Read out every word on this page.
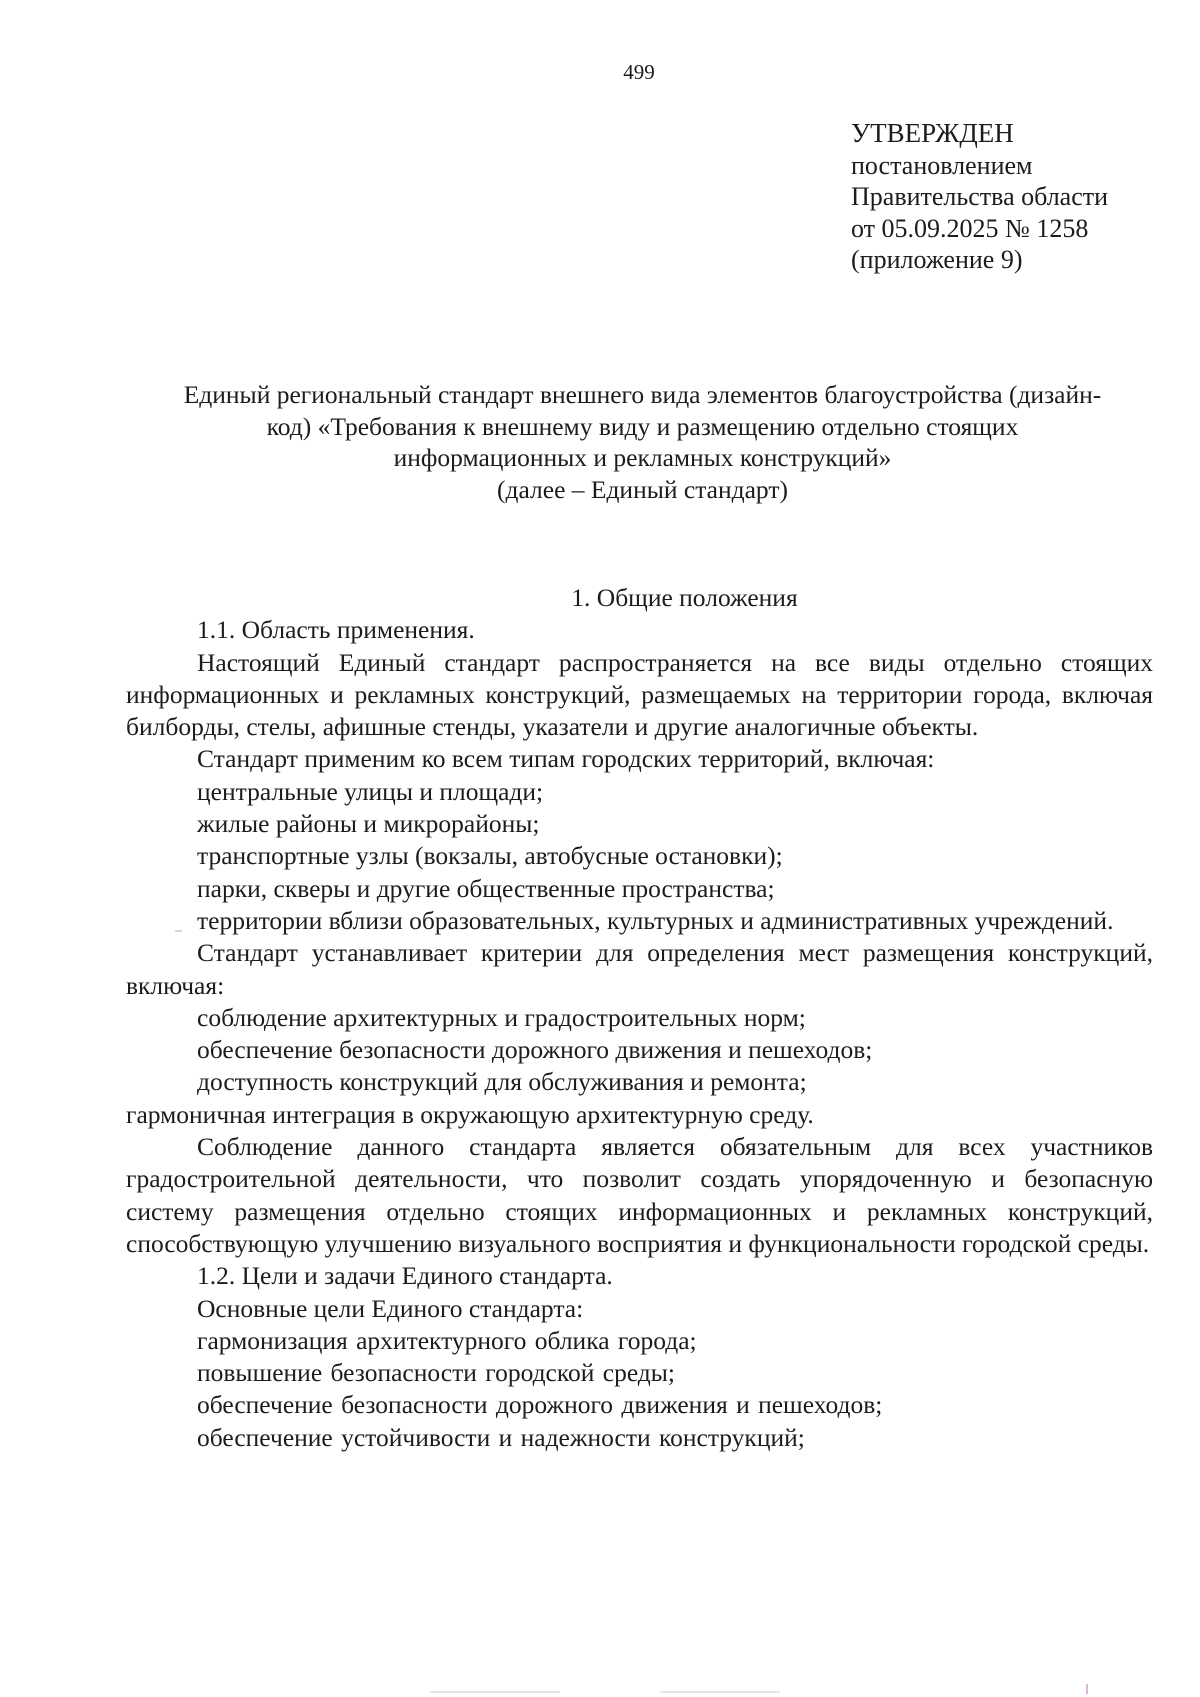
499
УТВЕРЖДЕН
постановлением
Правительства области
от 05.09.2025 № 1258
(приложение 9)
Единый региональный стандарт внешнего вида элементов благоустройства (дизайн-
код) «Требования к внешнему виду и размещению отдельно стоящих
информационных и рекламных конструкций»
(далее – Единый стандарт)
1. Общие положения
1.1. Область применения.
Настоящий Единый стандарт распространяется на все виды отдельно стоящих информационных и рекламных конструкций, размещаемых на территории города, включая билборды, стелы, афишные стенды, указатели и другие аналогичные объекты.
Стандарт применим ко всем типам городских территорий, включая:
центральные улицы и площади;
жилые районы и микрорайоны;
транспортные узлы (вокзалы, автобусные остановки);
парки, скверы и другие общественные пространства;
территории вблизи образовательных, культурных и административных учреждений.
Стандарт устанавливает критерии для определения мест размещения конструкций, включая:
соблюдение архитектурных и градостроительных норм;
обеспечение безопасности дорожного движения и пешеходов;
доступность конструкций для обслуживания и ремонта;
гармоничная интеграция в окружающую архитектурную среду.
Соблюдение данного стандарта является обязательным для всех участников градостроительной деятельности, что позволит создать упорядоченную и безопасную систему размещения отдельно стоящих информационных и рекламных конструкций, способствующую улучшению визуального восприятия и функциональности городской среды.
1.2. Цели и задачи Единого стандарта.
Основные цели Единого стандарта:
гармонизация архитектурного облика города;
повышение безопасности городской среды;
обеспечение безопасности дорожного движения и пешеходов;
обеспечение устойчивости и надежности конструкций;
